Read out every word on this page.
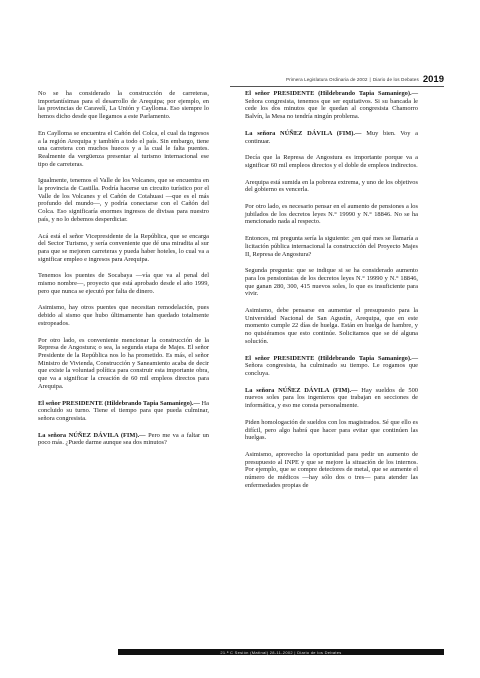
Primera Legislatura Ordinaria de 2002 | Diario de los Debates 2019

No se ha considerado la construcción de carreteras, importantísimas para el desarrollo de Arequipa; por ejemplo, en las provincias de Caravelí, La Unión y Caylloma. Eso siempre lo hemos dicho desde que llegamos a este Parlamento.

En Caylloma se encuentra el Cañón del Colca, el cual da ingresos a la región Arequipa y también a todo el país. Sin embargo, tiene una carretera con muchos huecos y a la cual le falta puentes. Realmente da vergüenza presentar al turismo internacional ese tipo de carreteras.

Igualmente, tenemos el Valle de los Volcanes, que se encuentra en la provincia de Castilla. Podría hacerse un circuito turístico por el Valle de los Volcanes y el Cañón de Cotahuasi —que es el más profundo del mundo—, y podría conectarse con el Cañón del Colca. Eso significaría enormes ingresos de divisas para nuestro país, y no lo debemos desperdiciar.

Acá está el señor Vicepresidente de la República, que se encarga del Sector Turismo, y sería conveniente que dé una miradita al sur para que se mejoren carreteras y pueda haber hoteles, lo cual va a significar empleo e ingresos para Arequipa.

Tenemos los puentes de Socabaya —vía que va al penal del mismo nombre—, proyecto que está aprobado desde el año 1999, pero que nunca se ejecutó por falta de dinero.

Asimismo, hay otros puentes que necesitan remodelación, pues debido al sismo que hubo últimamente han quedado totalmente estropeados.

Por otro lado, es conveniente mencionar la construcción de la Represa de Angostura; o sea, la segunda etapa de Majes. El señor Presidente de la República nos lo ha prometido. Es más, el señor Ministro de Vivienda, Construcción y Saneamiento acaba de decir que existe la voluntad política para construir esta importante obra, que va a significar la creación de 60 mil empleos directos para Arequipa.

El señor PRESIDENTE (Hildebrando Tapia Samaniego).— Ha concluido su turno. Tiene el tiempo para que pueda culminar, señora congresista.

La señora NÚÑEZ DÁVILA (FIM).— Pero me va a faltar un poco más. ¿Puede darme aunque sea dos minutos?

El señor PRESIDENTE (Hildebrando Tapia Samaniego).— Señora congresista, tenemos que ser equitativos. Si su bancada le cede los dos minutos que le quedan al congresista Chamorro Balvín, la Mesa no tendría ningún problema.

La señora NÚÑEZ DÁVILA (FIM).— Muy bien. Voy a continuar.

Decía que la Represa de Angostura es importante porque va a significar 60 mil empleos directos y el doble de empleos indirectos.

Arequipa está sumida en la pobreza extrema, y uno de los objetivos del gobierno es vencerla.

Por otro lado, es necesario pensar en el aumento de pensiones a los jubilados de los decretos leyes N.° 19990 y N.° 18846. No se ha mencionado nada al respecto.

Entonces, mi pregunta sería la siguiente: ¿en qué mes se llamaría a licitación pública internacional la construcción del Proyecto Majes II, Represa de Angostura?

Segunda pregunta: que se indique si se ha considerado aumento para los pensionistas de los decretos leyes N.° 19990 y N.° 18846, que ganan 280, 300, 415 nuevos soles, lo que es insuficiente para vivir.

Asimismo, debe pensarse en aumentar el presupuesto para la Universidad Nacional de San Agustín, Arequipa, que en este momento cumple 22 días de huelga. Están en huelga de hambre, y no quisiéramos que esto continúe. Solicitamos que se dé alguna solución.

El señor PRESIDENTE (Hildebrando Tapia Samaniego).— Señora congresista, ha culminado su tiempo. Le rogamos que concluya.

La señora NÚÑEZ DÁVILA (FIM).— Hay sueldos de 500 nuevos soles para los ingenieros que trabajan en secciones de informática, y eso me consta personalmente.

Piden homologación de sueldos con los magistrados. Sé que ello es difícil, pero algo habrá que hacer para evitar que continúen las huelgas.

Asimismo, aprovecho la oportunidad para pedir un aumento de presupuesto al INPE y que se mejore la situación de los internos. Por ejemplo, que se compre detectores de metal, que se aumente el número de médicos —hay sólo dos o tres— para atender las enfermedades propias de

21.ª C Sesión (Matinal) 28-11-2002 | Diario de los Debates
